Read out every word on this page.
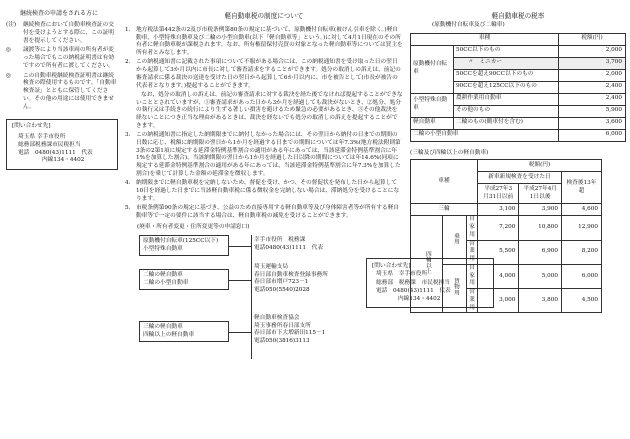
継続検査の申請をされる方に
(注)	継続検査において自動車検査証の交付を受けようとする際に、この証明書を提示してください。
◎	譲渡等により当該車両の所有者が変った場合でもこの納税証明書は有効ですので所有者に渡してください。
◎	この自動車税継続検査証明書は継続検査の際使用するものです。「自動車検査証」とともに保管してください。その他の用途には使用できません。
[問い合わせ先]
埼玉県 幸手市役所
総務部税務課市民税担当
電話　0480(43)1111　代表
内線134・4402
軽自動車税の制度について
1. 地方税法第442条の2及び市税条例第80条の規定に基づいて、原動機付自転車(被けん引車を除く。)軽自動車、小型特殊自動車及び二輪の小型自動車(以下「軽自動車等」という。)に対して4月1日現在のその所有者に軽自動車税が課税されます。なお、所有権留保付売買の対象となった軽自動車等については買主を所有者とみなします。
2. この納税通知書に記載された事項について不服がある場合には、この納税通知書を受け取った日の翌日から起算して3か月以内に市長に対して審査請求をすることができます。処分の取消しの訴えは、前記の審査請求に係る裁決の送達を受けた日の翌日から起算して6か月以内に、市を被告として(市長が被告の代表者となります。)提起することができます。
なお、処分の取消しの訴えは、前記の審査請求に対する裁決を経た後でなければ提起することができないこととされていますが、①審査請求があった日から3か月を経過しても裁決がないとき、②処分、処分の執行又は手続きの続行により生ずる著しい損害を避けるため緊急の必要があるとき、③その他裁決を経ないことにつき正当な理由があるときは、裁決を経ないでも処分の取消しの訴えを提起することができます。
3. この納税通知書に指定した納期限までに納付しなかった場合には、その翌日から納付の日までの期間の日数に応じ、税額に納期限の翌日から1か月を経過する日までの期間については年7.3%(地方税法附則第3条の2第1項に規定する延滞金特例基準割合の適用がある年にあっては、当該延滞金特例基準割合に年1%を加算した割合)、当該納期限の翌日から1か月を経過した日以降の期間については年14.6%(同項に規定する延滞金特例基準割合の適用がある年にあっては、当該延滞金特例基準割合に年7.3%を加算した割合)を乗じて計算した金額の延滞金を徴収します。
4. 納期限までに軽自動車税を完納しないため、督促を受け、かつ、その督促状を発布した日から起算して10日を経過した日までに当該軽自動車税に係る徴収金を完納しない場合は、滞納処分を受けることになります。
5. 市税条例第90条の規定に基づき、公益のため直接専用する軽自動車等及び身体障害者等が所有する軽自動車等で一定の要件に該当する場合は、軽自動車税の減免を受けることができます。
(廃車・所有者変更・住所変更等の申請窓口)
原動機付自転車(125CC以下)
小型特殊自動車
幸手市役所　税務課
電話0480(43)1111　代表
二輪の軽自動車
二輪の小型自動車
埼玉運輸支局
春日部自動車検査登録事務所
春日部市増戸723－1
電話050(5540)2028
三輪の軽自動車
四輪以上の軽自動車
軽自動車検査協会
埼玉事務所春日部支所
春日部市下大増新田115－1
電話050(3816)3113
[問い合わせ先]
埼玉県　幸手市役所
総務部　税務課　市民税担当
電話　0480(43)1111　代表
内線134・4402
軽自動車税の税率
(原動機付自転車及び二輪車)
車種		税額(円)
原動機付自転車	50CC以下のもの	2,000
	〃　ミニカー	3,700
	50CCを超え90CC以下のもの	2,000
	90CCを超え125CC以下のもの	2,400
小型特殊自動車	農耕作業用自動車	2,400
	その他のもの	5,900
軽自動車	二輪のもの(側車付を含む)	3,600
二輪の小型自動車		6,000
(三輪及び四輪以上の軽自動車)
車種			税額(円)		
			新車新規検査を受けた日		検査後13年超
			平成27年3月31日以前	平成27年4月1日以後	
三輪			3,100	3,900	4,600
四輪以上	乗用	自家用	7,200	10,800	12,900
		営業用	5,500	6,900	8,200
	貨物用	自家用	4,000	5,000	6,000
		営業用	3,000	3,800	4,500
